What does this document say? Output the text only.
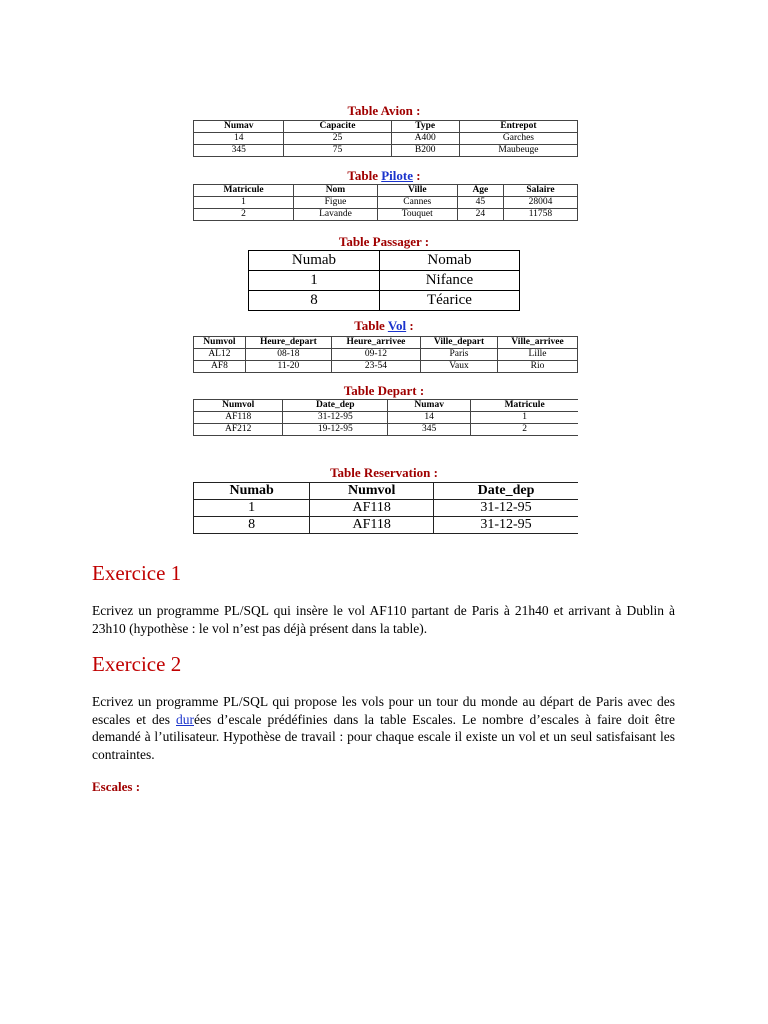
Table Avion :
Numav	Capacite	Type	Entrepot
14	25	A400	Garches
345	75	B200	Maubeuge
Table Pilote :
Matricule	Nom	Ville	Age	Salaire
1	Figue	Cannes	45	28004
2	Lavande	Touquet	24	11758
Table Passager :
Numab	Nomab
1	Nifance
8	Téarice
Table Vol :
Numvol	Heure_depart	Heure_arrivee	Ville_depart	Ville_arrivee
AL12	08-18	09-12	Paris	Lille
AF8	11-20	23-54	Vaux	Rio
Table Depart :
Numvol	Date_dep	Numav	Matricule
AF118	31-12-95	14	1
AF212	19-12-95	345	2
Table Reservation :
Numab	Numvol	Date_dep
1	AF118	31-12-95
8	AF118	31-12-95
Exercice 1

Ecrivez un programme PL/SQL qui insère le vol AF110 partant de Paris à 21h40 et arrivant à Dublin à 23h10 (hypothèse : le vol n’est pas déjà présent dans la table).

Exercice 2

Ecrivez un programme PL/SQL qui propose les vols pour un tour du monde au départ de Paris avec des escales et des durées d’escale prédéfinies dans la table Escales. Le nombre d’escales à faire doit être demandé à l’utilisateur. Hypothèse de travail : pour chaque escale il existe un vol et un seul satisfaisant les contraintes.

Escales :
